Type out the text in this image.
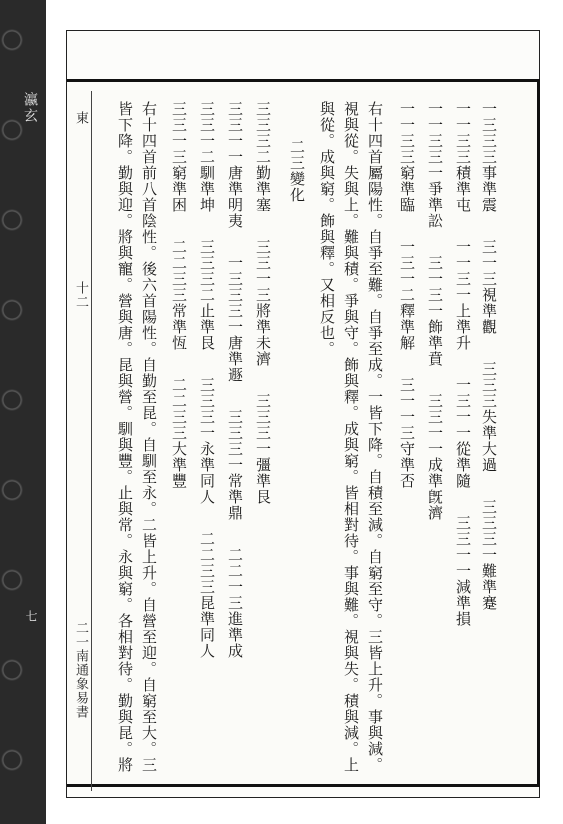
瀛玄
七
東
十二
二一南通象易書
一三三三事準震三一三視準觀三三三失準大過三三三一難準蹇
一一三三積準屯一一三一上準升一三一一從準隨三三一一減準損
一一三三一爭準訟三一三一飾準賁三三一一成準旣濟
一一三三窮準臨一三一二釋準解三一一三守準否
右十四首屬陽性。自爭至難。自爭至成。一皆下降。自積至減。自窮至守。三皆上升。事與減。
視與從。失與上。難與積。爭與守。飾與釋。成與窮。皆相對待。事與難。視與失。積與減。上
與從。成與窮。飾與釋。又相反也。
二三變化
三三三二勤準塞三三一三將準未濟三三三一彊準艮
三三一一唐準明夷一三三三一唐準遯三三三一常準鼎二二一三進準成
三三一二馴準坤三三三二止準艮三三三一永準同人二二三三昆準同人
三三一三窮準困二二三三常準恆二二三三大準豐
右十四首前八首陰性。後六首陽性。自勤至昆。自馴至永。二皆上升。自營至迎。自窮至大。三
皆下降。勤與迎。將與寵。營與唐。昆與營。馴與豐。止與常。永與窮。各相對待。勤與昆。將
